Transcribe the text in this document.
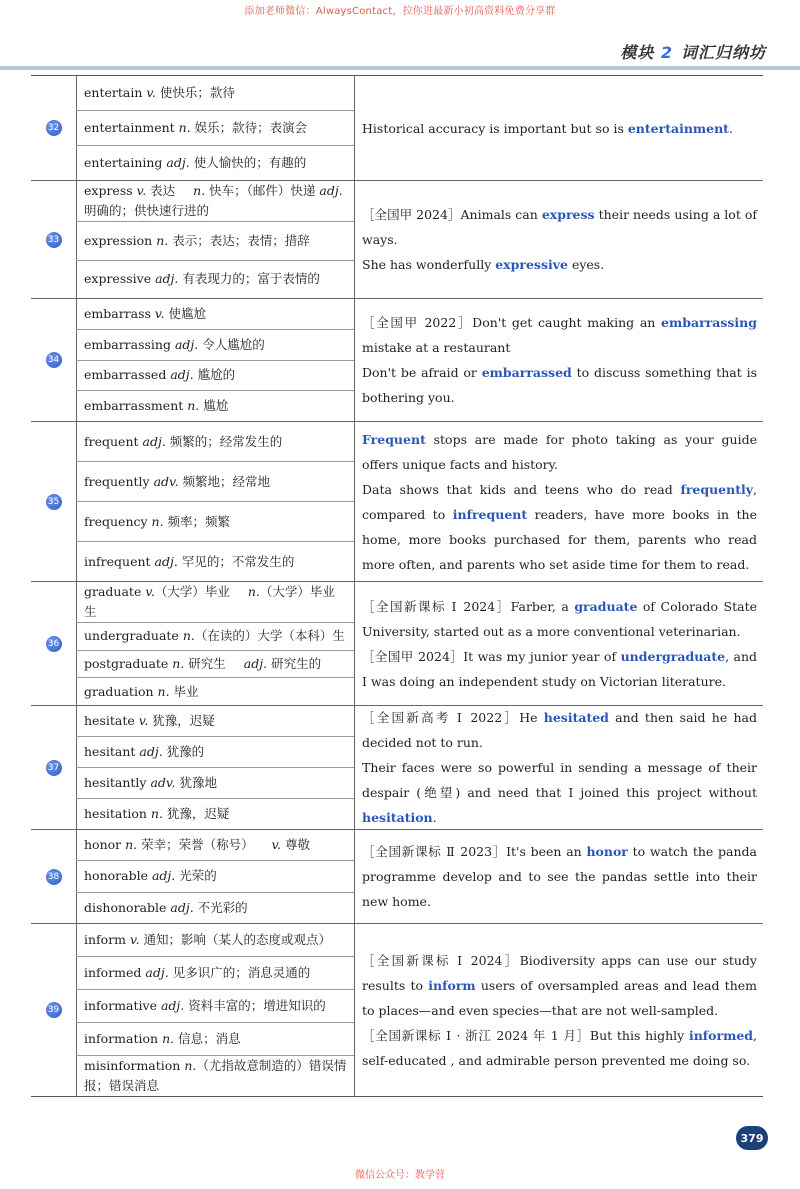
添加老师微信：AlwaysContact，拉你进最新小初高资料免费分享群
模块 2 词汇归纳坊
32
entertain v. 使快乐；款待
entertainment n. 娱乐；款待；表演会
entertaining adj. 使人愉快的；有趣的

Historical accuracy is important but so is entertainment.

33
express v. 表达 n. 快车；（邮件）快递 adj. 明确的；供快速行进的
expression n. 表示；表达；表情；措辞
expressive adj. 有表现力的；富于表情的

［全国甲 2024］Animals can express their needs using a lot of ways.

She has wonderfully expressive eyes.

34
embarrass v. 使尴尬
embarrassing adj. 令人尴尬的
embarrassed adj. 尴尬的
embarrassment n. 尴尬

［全国甲 2022］Don't get caught making an embarrassing mistake at a restaurant

Don't be afraid or embarrassed to discuss something that is bothering you.

35
frequent adj. 频繁的；经常发生的
frequently adv. 频繁地；经常地
frequency n. 频率；频繁
infrequent adj. 罕见的；不常发生的

Frequent stops are made for photo taking as your guide offers unique facts and history.

Data shows that kids and teens who do read frequently, compared to infrequent readers, have more books in the home, more books purchased for them, parents who read more often, and parents who set aside time for them to read.

36
graduate v.（大学）毕业 n.（大学）毕业生
undergraduate n.（在读的）大学（本科）生
postgraduate n. 研究生 adj. 研究生的
graduation n. 毕业

［全国新课标 Ⅰ 2024］Farber, a graduate of Colorado State University, started out as a more conventional veterinarian.

［全国甲 2024］It was my junior year of undergraduate, and I was doing an independent study on Victorian literature.

37
hesitate v. 犹豫，迟疑
hesitant adj. 犹豫的
hesitantly adv. 犹豫地
hesitation n. 犹豫，迟疑

［全国新高考 Ⅰ 2022］He hesitated and then said he had decided not to run.

Their faces were so powerful in sending a message of their despair (绝望) and need that I joined this project without hesitation.

38
honor n. 荣幸；荣誉（称号） v. 尊敬
honorable adj. 光荣的
dishonorable adj. 不光彩的

［全国新课标 Ⅱ 2023］It's been an honor to watch the panda programme develop and to see the pandas settle into their new home.

39
inform v. 通知；影响（某人的态度或观点）
informed adj. 见多识广的；消息灵通的
informative adj. 资料丰富的；增进知识的
information n. 信息；消息
misinformation n.（尤指故意制造的）错误情报；错误消息

［全国新课标 Ⅰ 2024］Biodiversity apps can use our study results to inform users of oversampled areas and lead them to places—and even species—that are not well-sampled.

［全国新课标 Ⅰ · 浙江 2024 年 1 月］But this highly informed, self-educated , and admirable person prevented me doing so.

379
微信公众号：教学营
